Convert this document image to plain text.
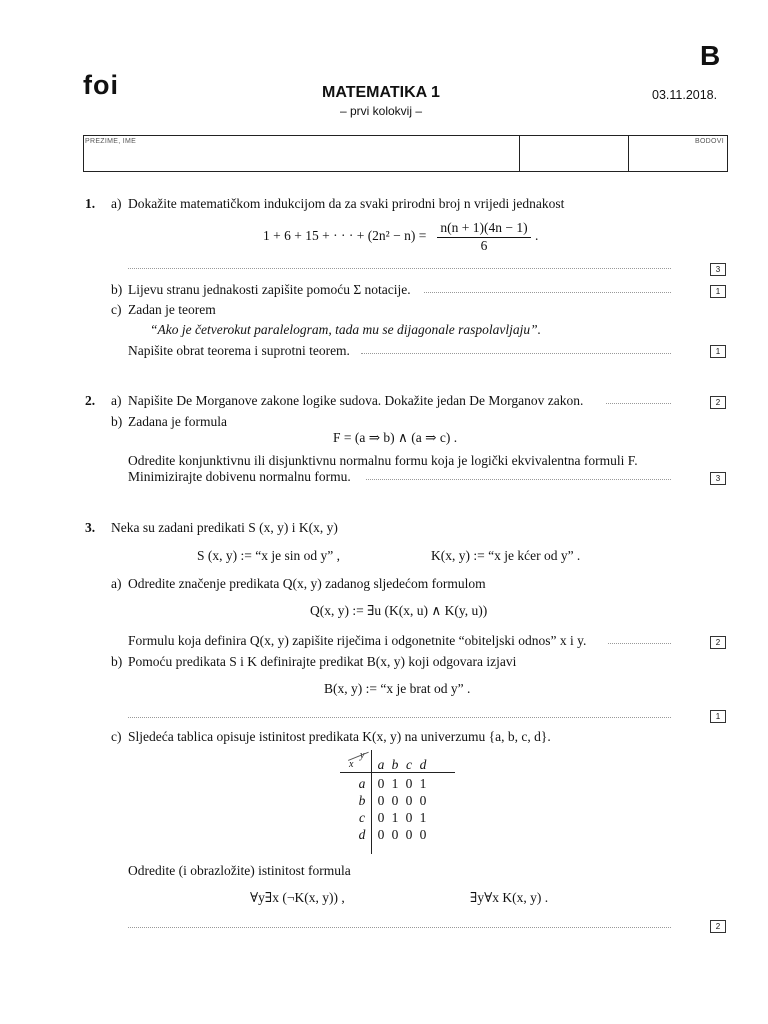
B
foi	MATEMATIKA 1
– prvi kolokvij –
03.11.2018.
PREZIME, IME	BODOVI
1. a) Dokažite matematičkom indukcijom da za svaki prirodni broj n vrijedi jednakost
1 + 6 + 15 + · · · + (2n² − n) =
n(n + 1)(4n − 1)
6
.
3
b) Lijevu stranu jednakosti zapišite pomoću Σ notacije.	1
c) Zadan je teorem
“Ako je četverokut paralelogram, tada mu se dijagonale raspolavljaju”.
Napišite obrat teorema i suprotni teorem.	1
2. a) Napišite De Morganove zakone logike sudova. Dokažite jedan De Morganov zakon.	2
b) Zadana je formula
F = (a ⇒ b) ∧ (a ⇒ c) .
Odredite konjunktivnu ili disjunktivnu normalnu formu koja je logički ekvivalentna formuli F.
Minimizirajte dobivenu normalnu formu.	3
3. Neka su zadani predikati S (x, y) i K(x, y)
S (x, y) := “x je sin od y” ,	K(x, y) := “x je kćer od y” .
a) Odredite značenje predikata Q(x, y) zadanog sljedećom formulom
Q(x, y) := ∃u (K(x, u) ∧ K(y, u))
Formulu koja definira Q(x, y) zapišite riječima i odgonetnite “obiteljski odnos” x i y.	2
b) Pomoću predikata S i K definirajte predikat B(x, y) koji odgovara izjavi
B(x, y) := “x je brat od y” .
1
c) Sljedeća tablica opisuje istinitost predikata K(x, y) na univerzumu {a, b, c, d}.
y
x	a b c d
a 0 1 0 1
b 0 0 0 0
c 0 1 0 1
d 0 0 0 0
Odredite (i obrazložite) istinitost formula
∀y∃x (¬K(x, y)) ,	∃y∀x K(x, y) .
2
